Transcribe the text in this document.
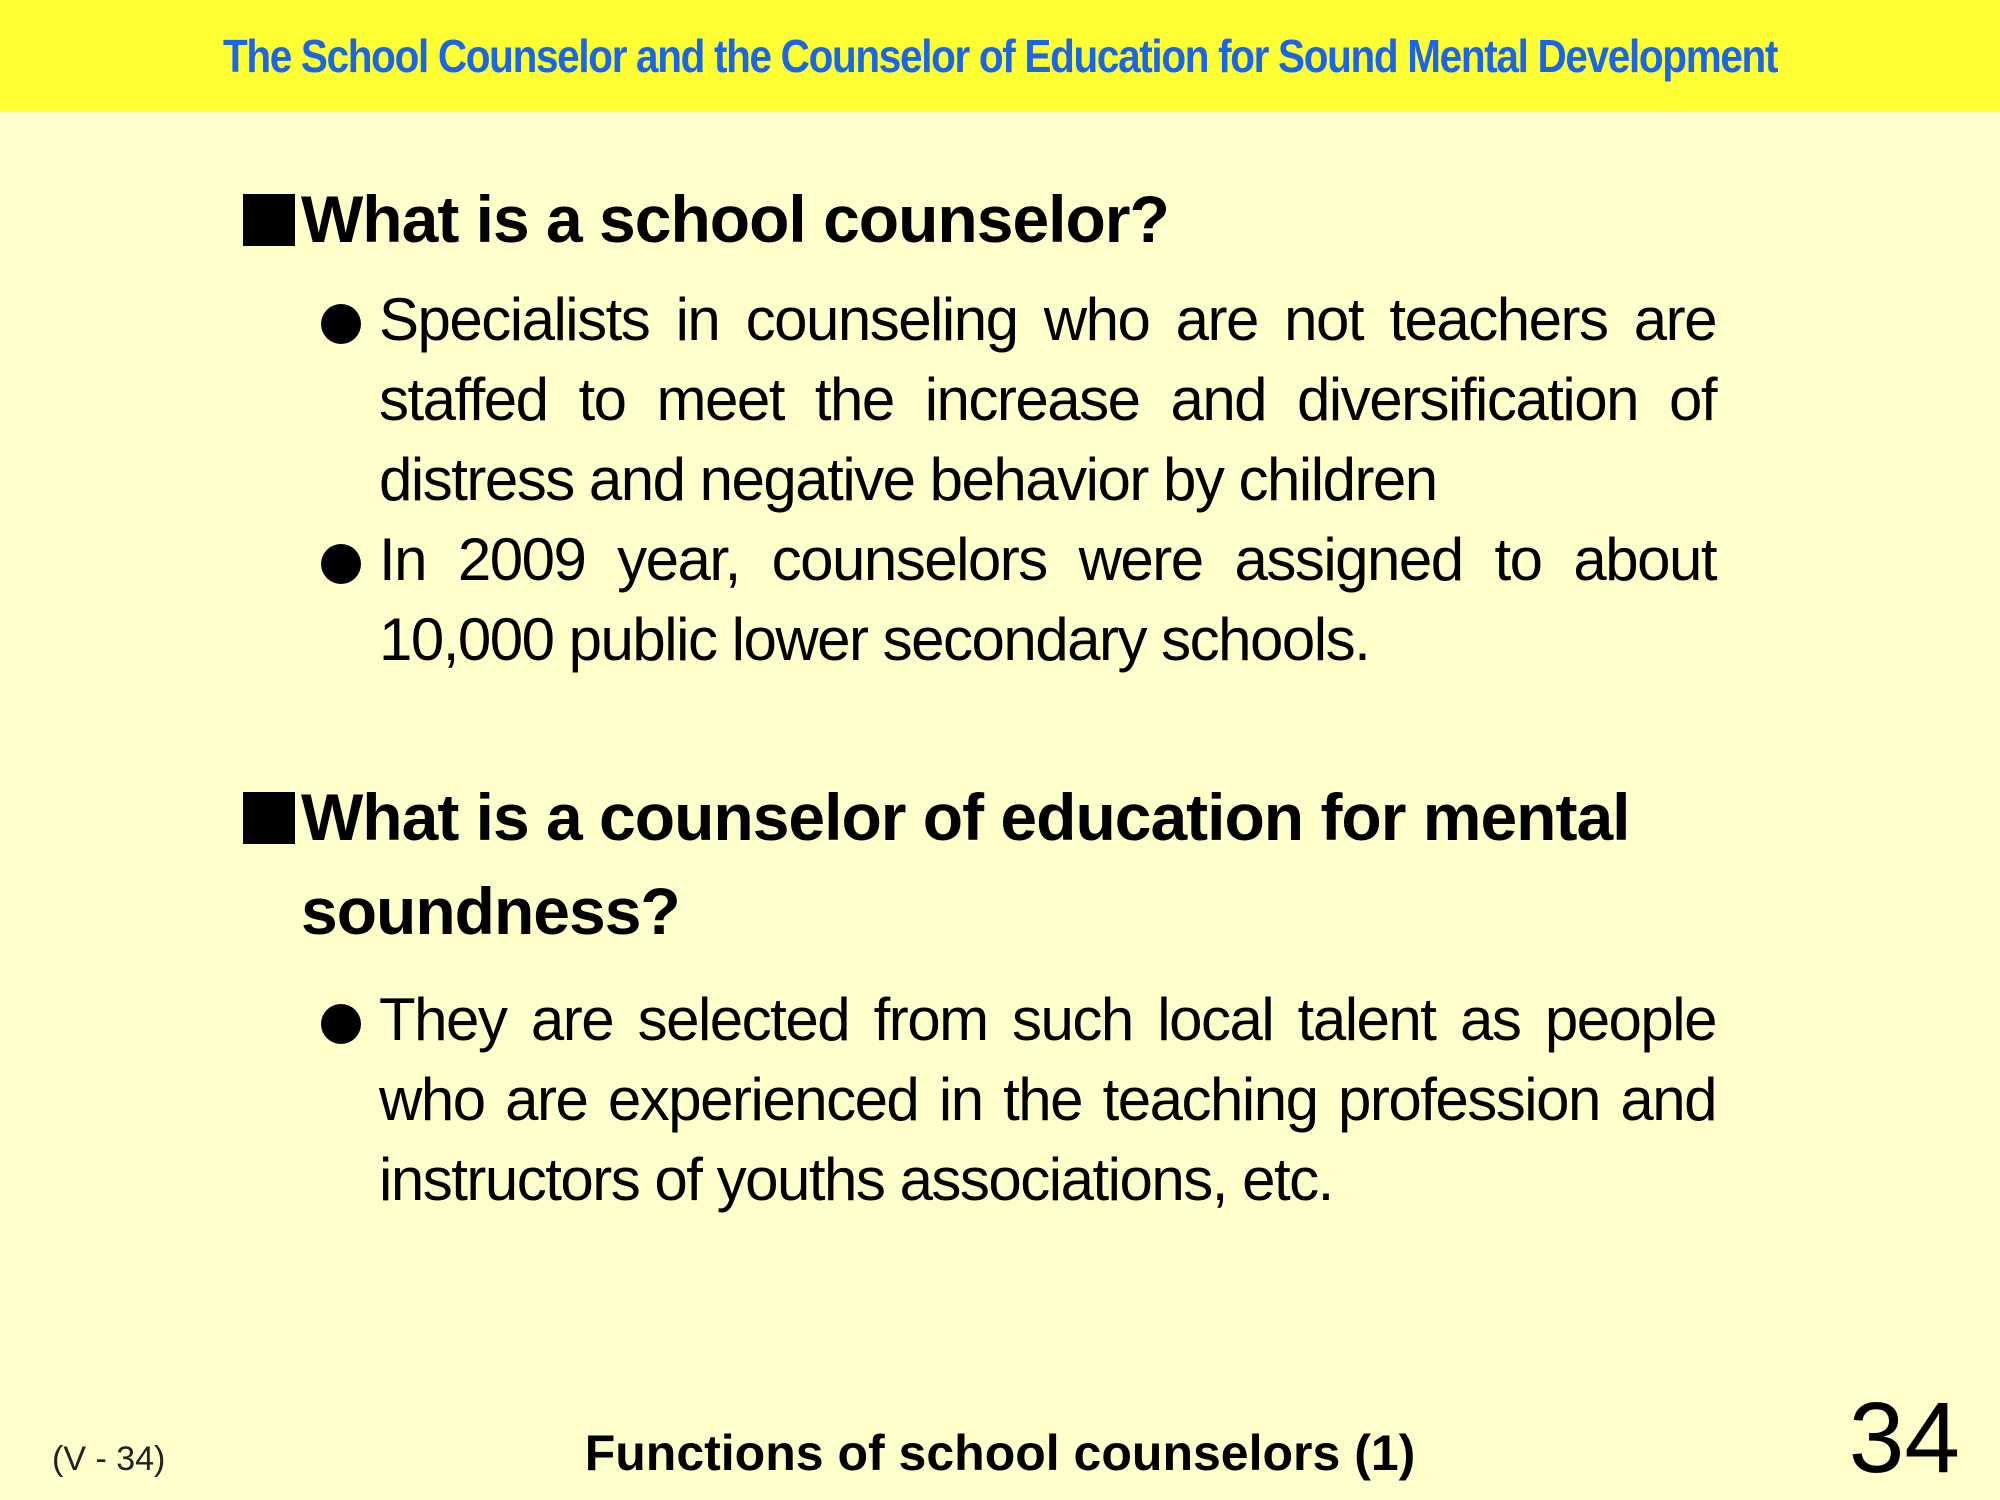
The School Counselor and the Counselor of Education for Sound Mental Development
What is a school counselor?
Specialists in counseling who are not teachers are staffed to meet the increase and diversification of distress and negative behavior by children
In 2009 year, counselors were assigned to about 10,000 public lower secondary schools.
What is a counselor of education for mental soundness?
They are selected from such local talent as people who are experienced in the teaching profession and instructors of youths associations, etc.
(V - 34)	Functions of school counselors (1)	34
